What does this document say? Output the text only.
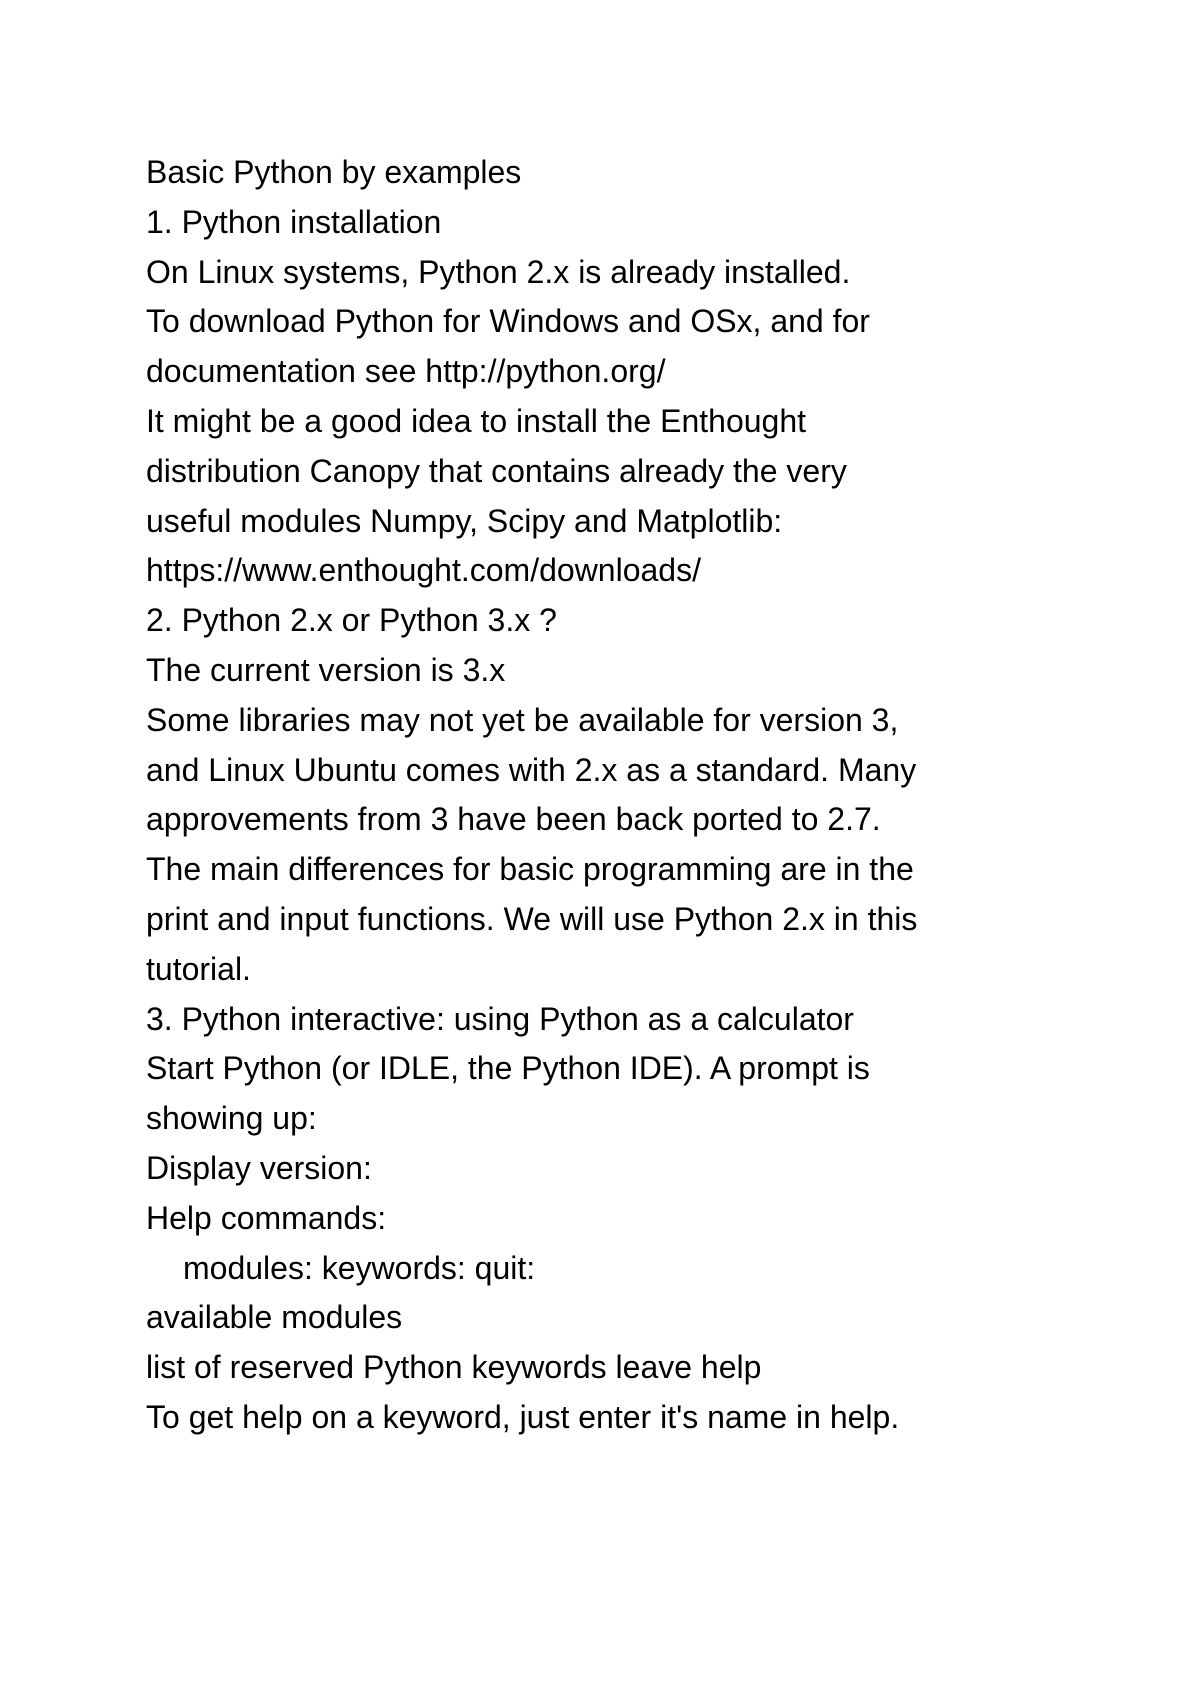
Basic Python by examples
1. Python installation
On Linux systems, Python 2.x is already installed.
To download Python for Windows and OSx, and for
documentation see http://python.org/
It might be a good idea to install the Enthought
distribution Canopy that contains already the very
useful modules Numpy, Scipy and Matplotlib:
https://www.enthought.com/downloads/
2. Python 2.x or Python 3.x ?
The current version is 3.x
Some libraries may not yet be available for version 3,
and Linux Ubuntu comes with 2.x as a standard. Many
approvements from 3 have been back ported to 2.7.
The main differences for basic programming are in the
print and input functions. We will use Python 2.x in this
tutorial.
3. Python interactive: using Python as a calculator
Start Python (or IDLE, the Python IDE). A prompt is
showing up:
Display version:
Help commands:
modules: keywords: quit:
available modules
list of reserved Python keywords leave help
To get help on a keyword, just enter it's name in help.
